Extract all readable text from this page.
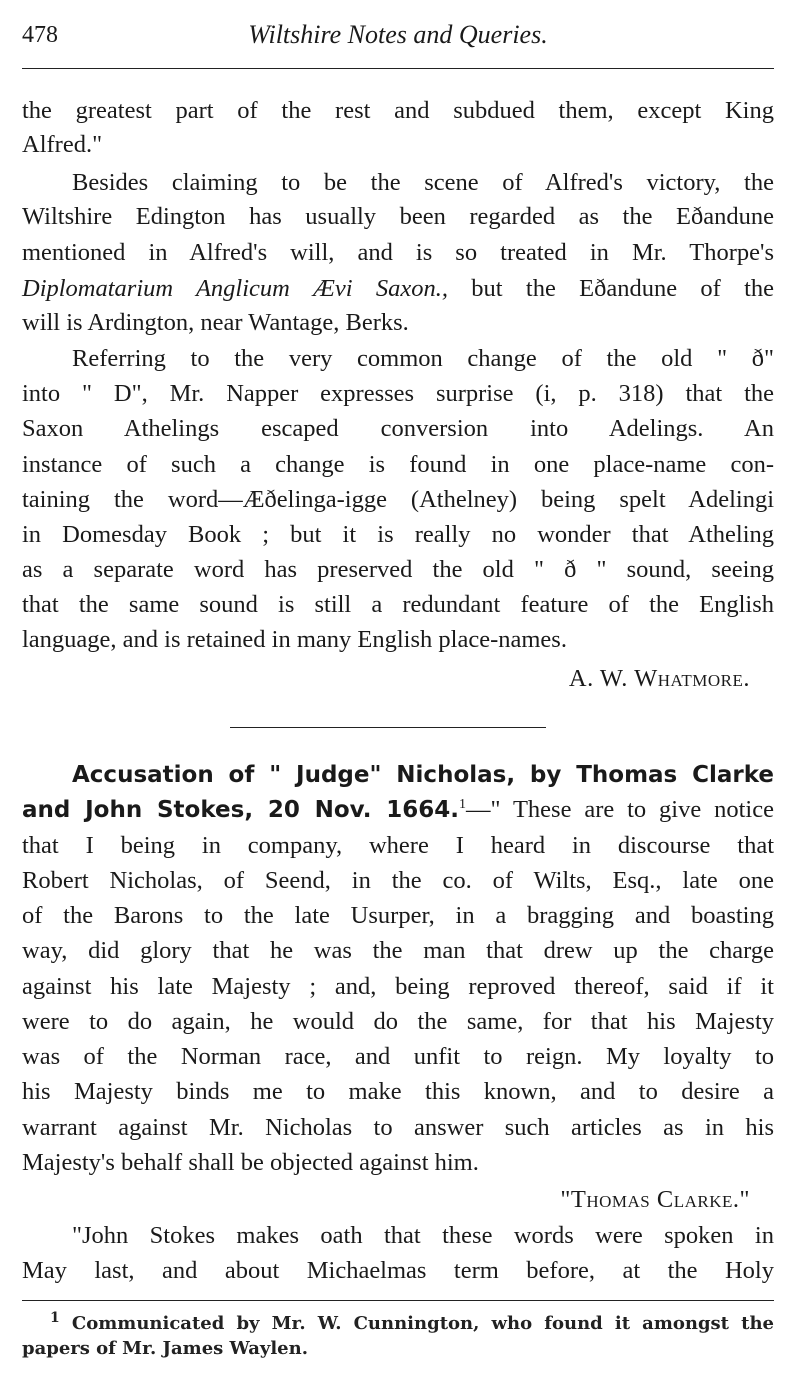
478	Wiltshire Notes and Queries.
the greatest part of the rest and subdued them, except King
Alfred."
Besides claiming to be the scene of Alfred's victory, the
Wiltshire Edington has usually been regarded as the Eðandune
mentioned in Alfred's will, and is so treated in Mr. Thorpe's
Diplomatarium Anglicum Ævi Saxon., but the Eðandune of the
will is Ardington, near Wantage, Berks.
Referring to the very common change of the old " ð"
into " D", Mr. Napper expresses surprise (i, p. 318) that the
Saxon Athelings escaped conversion into Adelings. An
instance of such a change is found in one place-name con-
taining the word—Æðelinga-igge (Athelney) being spelt Adelingi
in Domesday Book ; but it is really no wonder that Atheling
as a separate word has preserved the old " ð " sound, seeing
that the same sound is still a redundant feature of the English
language, and is retained in many English place-names.
A. W. Whatmore.
Accusation of " Judge" Nicholas, by Thomas Clarke
and John Stokes, 20 Nov. 1664.$^1$—" These are to give notice
that I being in company, where I heard in discourse that
Robert Nicholas, of Seend, in the co. of Wilts, Esq., late one
of the Barons to the late Usurper, in a bragging and boasting
way, did glory that he was the man that drew up the charge
against his late Majesty ; and, being reproved thereof, said if it
were to do again, he would do the same, for that his Majesty
was of the Norman race, and unfit to reign. My loyalty to
his Majesty binds me to make this known, and to desire a
warrant against Mr. Nicholas to answer such articles as in his
Majesty's behalf shall be objected against him.
"Thomas Clarke."
"John Stokes makes oath that these words were spoken in
May last, and about Michaelmas term before, at the Holy
$^1$ Communicated by Mr. W. Cunnington, who found it amongst the
papers of Mr. James Waylen.
